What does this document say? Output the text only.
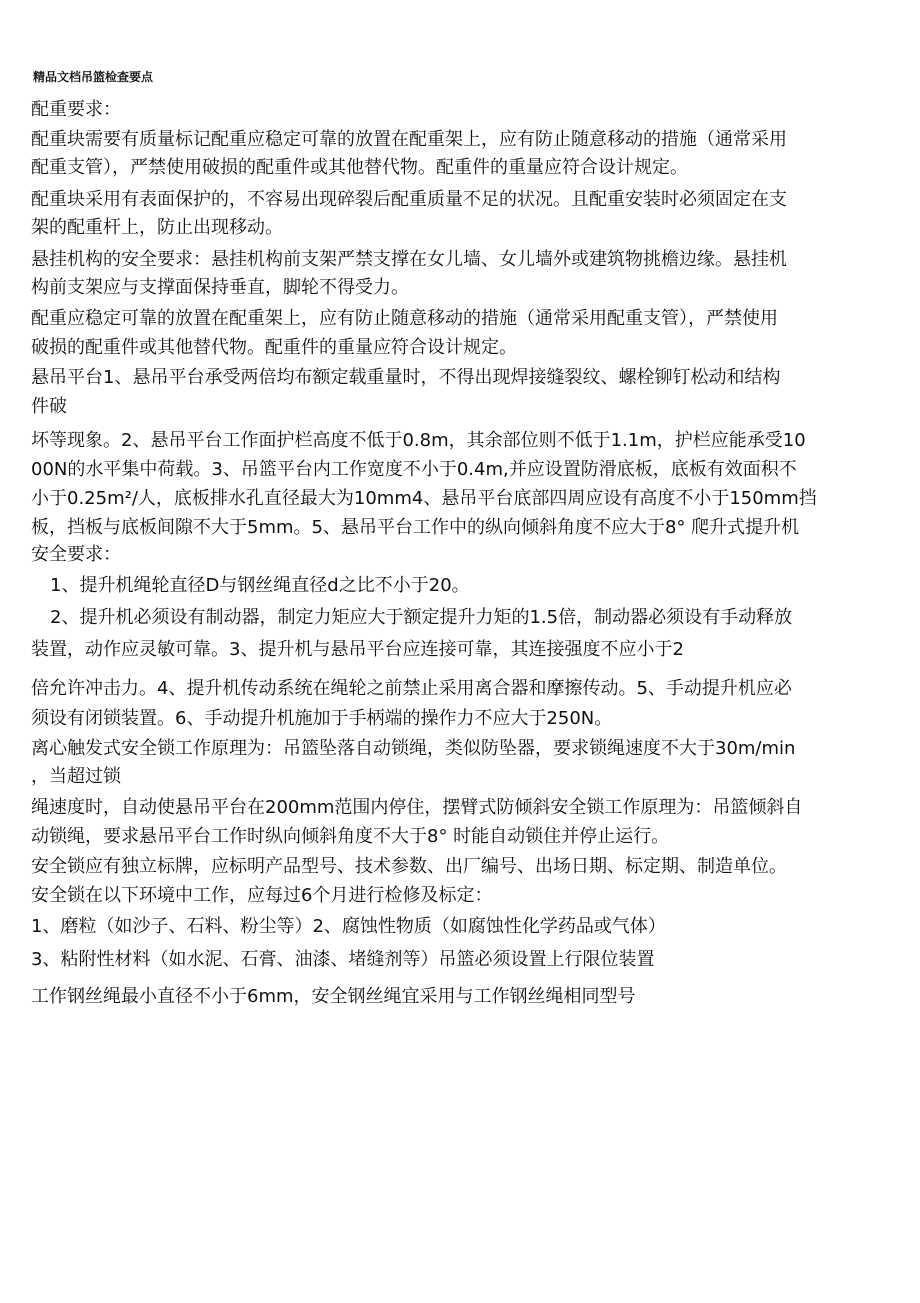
精品文档吊篮检查要点
配重要求：
配重块需要有质量标记配重应稳定可靠的放置在配重架上，应有防止随意移动的措施（通常采用
配重支管），严禁使用破损的配重件或其他替代物。配重件的重量应符合设计规定。
配重块采用有表面保护的，不容易出现碎裂后配重质量不足的状况。且配重安装时必须固定在支
架的配重杆上，防止出现移动。
悬挂机构的安全要求：悬挂机构前支架严禁支撑在女儿墙、女儿墙外或建筑物挑檐边缘。悬挂机
构前支架应与支撑面保持垂直，脚轮不得受力。
配重应稳定可靠的放置在配重架上，应有防止随意移动的措施（通常采用配重支管），严禁使用
破损的配重件或其他替代物。配重件的重量应符合设计规定。
悬吊平台1、悬吊平台承受两倍均布额定载重量时，不得出现焊接缝裂纹、螺栓铆钉松动和结构
件破
坏等现象。2、悬吊平台工作面护栏高度不低于0.8m，其余部位则不低于1.1m，护栏应能承受10
00N的水平集中荷载。3、吊篮平台内工作宽度不小于0.4m,并应设置防滑底板，底板有效面积不
小于0.25m²/人，底板排水孔直径最大为10mm4、悬吊平台底部四周应设有高度不小于150mm挡
板，挡板与底板间隙不大于5mm。5、悬吊平台工作中的纵向倾斜角度不应大于8° 爬升式提升机
安全要求：
1、提升机绳轮直径D与钢丝绳直径d之比不小于20。
2、提升机必须设有制动器，制定力矩应大于额定提升力矩的1.5倍，制动器必须设有手动释放
装置，动作应灵敏可靠。3、提升机与悬吊平台应连接可靠，其连接强度不应小于2
倍允许冲击力。4、提升机传动系统在绳轮之前禁止采用离合器和摩擦传动。5、手动提升机应必
须设有闭锁装置。6、手动提升机施加于手柄端的操作力不应大于250N。
离心触发式安全锁工作原理为：吊篮坠落自动锁绳，类似防坠器，要求锁绳速度不大于30m/min
，当超过锁
绳速度时，自动使悬吊平台在200mm范围内停住，摆臂式防倾斜安全锁工作原理为：吊篮倾斜自
动锁绳，要求悬吊平台工作时纵向倾斜角度不大于8° 时能自动锁住并停止运行。
安全锁应有独立标牌，应标明产品型号、技术参数、出厂编号、出场日期、标定期、制造单位。
安全锁在以下环境中工作，应每过6个月进行检修及标定：
1、磨粒（如沙子、石料、粉尘等）2、腐蚀性物质（如腐蚀性化学药品或气体）
3、粘附性材料（如水泥、石膏、油漆、堵缝剂等）吊篮必须设置上行限位装置
工作钢丝绳最小直径不小于6mm，安全钢丝绳宜采用与工作钢丝绳相同型号
